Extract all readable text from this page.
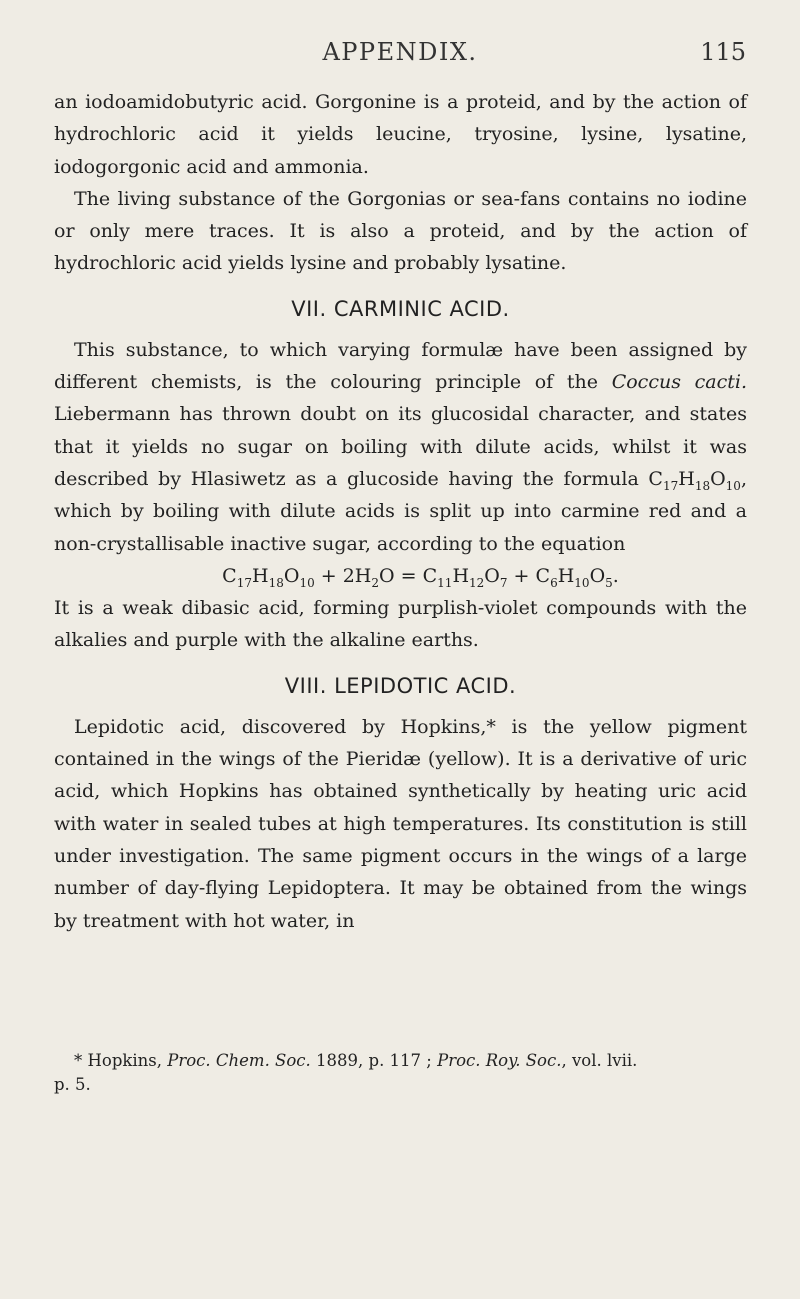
APPENDIX.	115

an iodoamidobutyric acid. Gorgonine is a proteid, and by the action of hydrochloric acid it yields leucine, tryosine, lysine, lysatine, iodogorgonic acid and ammonia.

The living substance of the Gorgonias or sea-fans contains no iodine or only mere traces. It is also a proteid, and by the action of hydrochloric acid yields lysine and probably lysatine.

VII. CARMINIC ACID.

This substance, to which varying formulæ have been assigned by different chemists, is the colouring principle of the Coccus cacti. Liebermann has thrown doubt on its glucosidal character, and states that it yields no sugar on boiling with dilute acids, whilst it was described by Hlasiwetz as a glucoside having the formula $C_{17}H_{18}O_{10}$, which by boiling with dilute acids is split up into carmine red and a non-crystallisable inactive sugar, according to the equation

$C_{17}H_{18}O_{10} + 2H_2O = C_{11}H_{12}O_7 + C_6H_{10}O_5$.

It is a weak dibasic acid, forming purplish-violet compounds with the alkalies and purple with the alkaline earths.

VIII. LEPIDOTIC ACID.

Lepidotic acid, discovered by Hopkins,* is the yellow pigment contained in the wings of the Pieridæ (yellow). It is a derivative of uric acid, which Hopkins has obtained synthetically by heating uric acid with water in sealed tubes at high temperatures. Its constitution is still under investigation. The same pigment occurs in the wings of a large number of day-flying Lepidoptera. It may be obtained from the wings by treatment with hot water, in

* Hopkins, Proc. Chem. Soc. 1889, p. 117 ; Proc. Roy. Soc., vol. lvii.

p. 5.
